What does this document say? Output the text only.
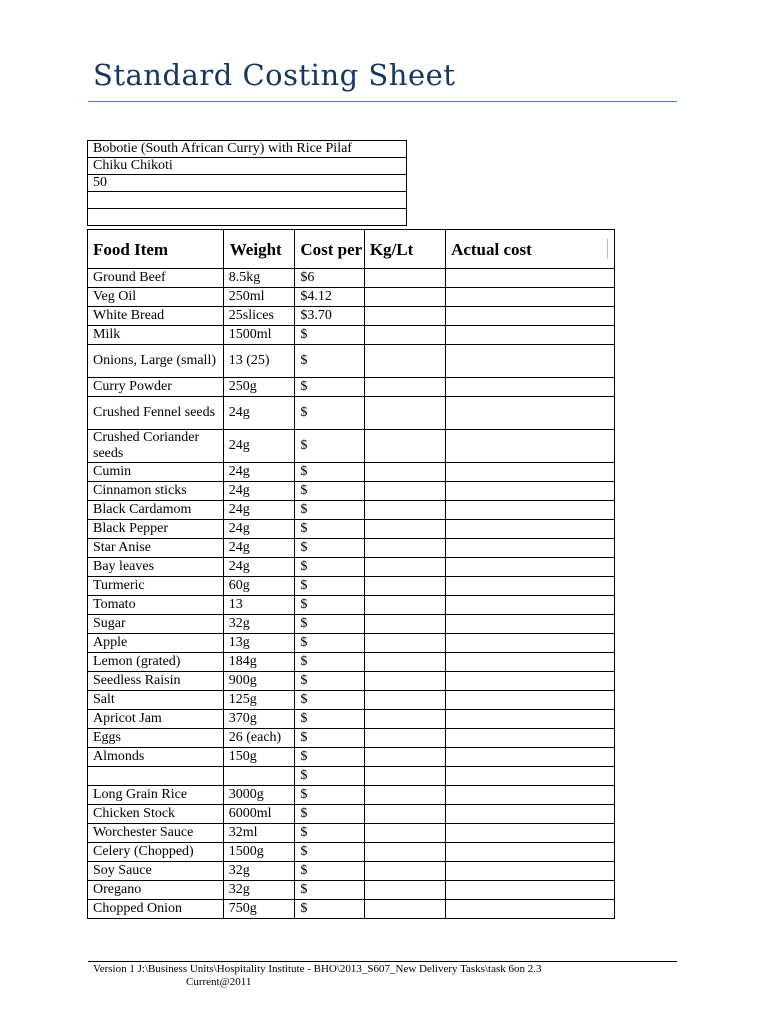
Standard Costing Sheet
Bobotie (South African Curry) with Rice Pilaf
Chiku Chikoti
50

Food Item	Weight	Cost per	Kg/Lt	Actual cost

Ground Beef	8.5kg	$6		
Veg Oil	250ml	$4.12		
White Bread	25slices	$3.70		
Milk	1500ml	$		
Onions, Large (small)	13 (25)	$		
Curry Powder	250g	$		
Crushed Fennel seeds	24g	$		
Crushed Coriander seeds	24g	$		
Cumin	24g	$		
Cinnamon sticks	24g	$		
Black Cardamom	24g	$		
Black Pepper	24g	$		
Star Anise	24g	$		
Bay leaves	24g	$		
Turmeric	60g	$		
Tomato	13	$		
Sugar	32g	$		
Apple	13g	$		
Lemon (grated)	184g	$		
Seedless Raisin	900g	$		
Salt	125g	$		
Apricot Jam	370g	$		
Eggs	26 (each)	$		
Almonds	150g	$		
		$		
Long Grain Rice	3000g	$		
Chicken Stock	6000ml	$		
Worchester Sauce	32ml	$		
Celery (Chopped)	1500g	$		
Soy Sauce	32g	$		
Oregano	32g	$		
Chopped Onion	750g	$		
Version 1 J:\Business Units\Hospitality Institute - BHO\2013_S607_New Delivery Tasks\task 6on 2.3
Current@2011
